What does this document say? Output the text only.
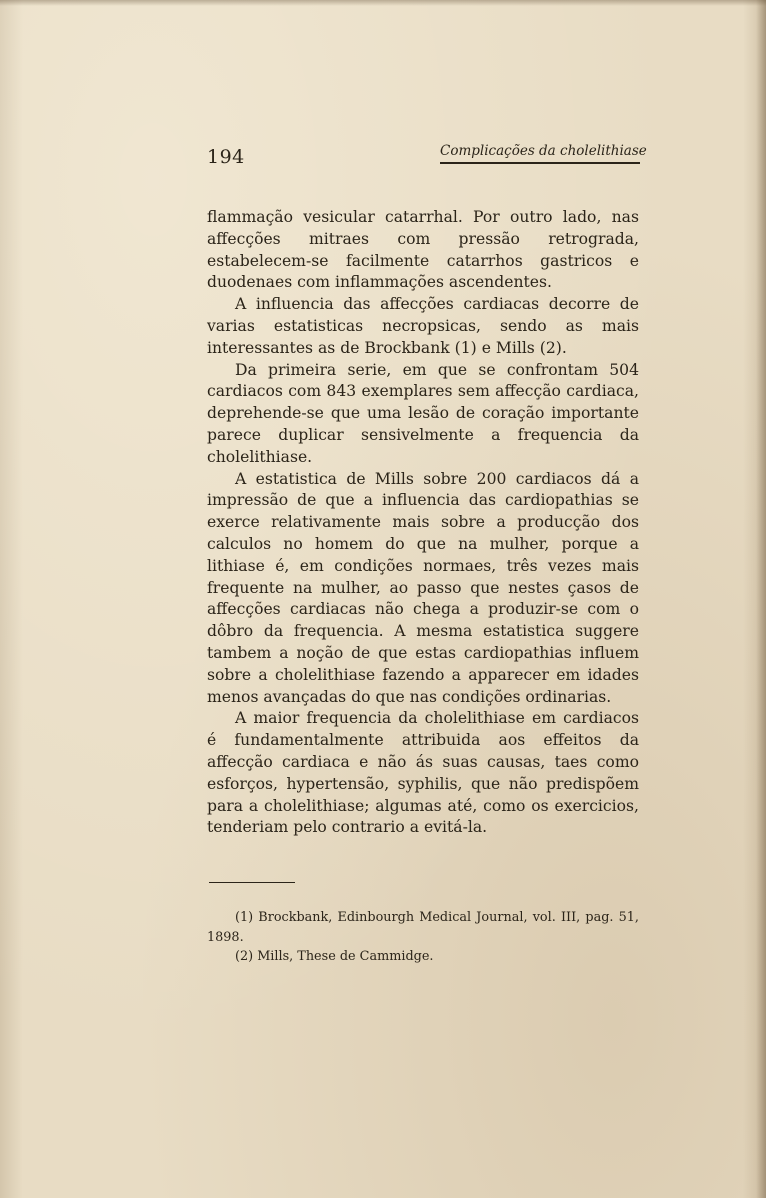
194	Complicações da cholelithiase

flammação vesicular catarrhal. Por outro lado, nas affecções mitraes com pressão retrograda, estabelecem-se facilmente catarrhos gastricos e duodenaes com inflammações ascendentes.

A influencia das affecções cardiacas decorre de varias estatisticas necropsicas, sendo as mais interessantes as de Brockbank (1) e Mills (2).

Da primeira serie, em que se confrontam 504 cardiacos com 843 exemplares sem affecção cardiaca, deprehende-se que uma lesão de coração importante parece duplicar sensivelmente a frequencia da cholelithiase.

A estatistica de Mills sobre 200 cardiacos dá a impressão de que a influencia das cardiopathias se exerce relativamente mais sobre a producção dos calculos no homem do que na mulher, porque a lithiase é, em condições normaes, três vezes mais frequente na mulher, ao passo que nestes çasos de affecções cardiacas não chega a produzir-se com o dôbro da frequencia. A mesma estatistica suggere tambem a noção de que estas cardiopathias influem sobre a cholelithiase fazendo a apparecer em idades menos avançadas do que nas condições ordinarias.

A maior frequencia da cholelithiase em cardiacos é fundamentalmente attribuida aos effeitos da affecção cardiaca e não ás suas causas, taes como esforços, hypertensão, syphilis, que não predispõem para a cholelithiase; algumas até, como os exercicios, tenderiam pelo contrario a evitá-la.

(1) Brockbank, Edinbourgh Medical Journal, vol. III, pag. 51, 1898.

(2) Mills, These de Cammidge.
